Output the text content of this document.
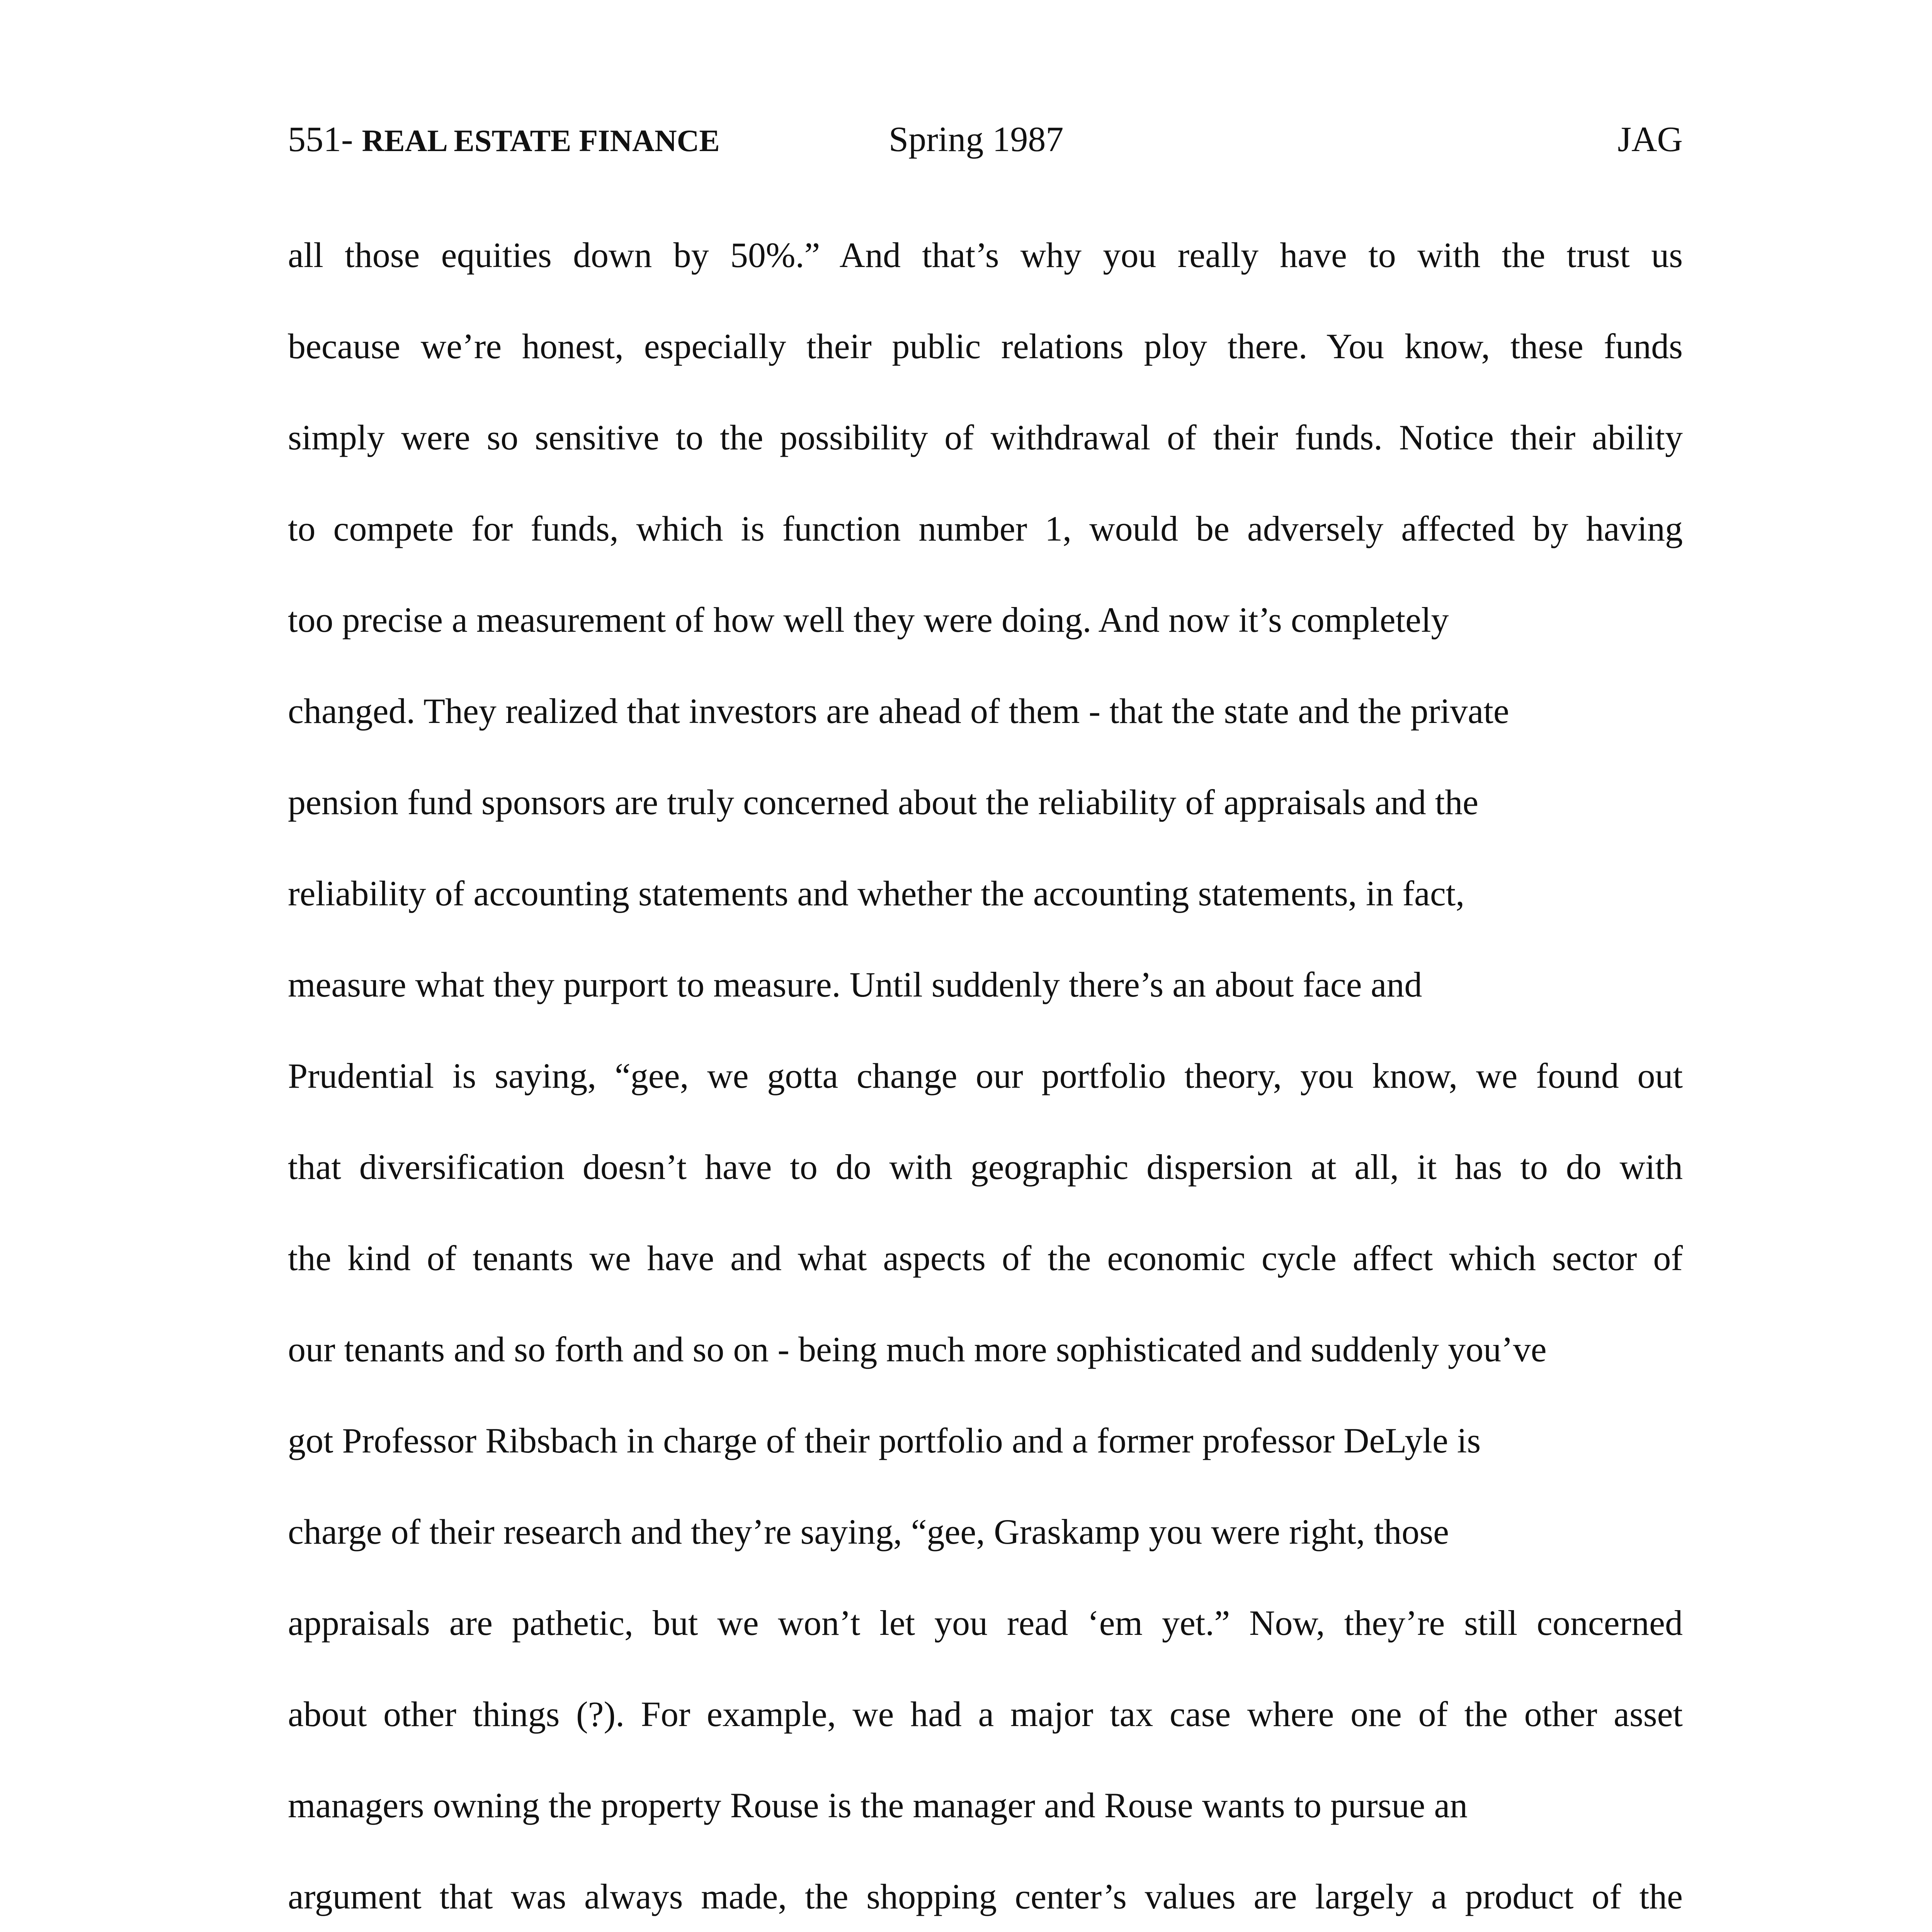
551- REAL ESTATE FINANCE	Spring 1987	JAG
all those equities down by 50%.” And that’s why you really have to with the trust us
because we’re honest, especially their public relations ploy there. You know, these funds
simply were so sensitive to the possibility of withdrawal of their funds. Notice their ability
to compete for funds, which is function number 1, would be adversely affected by having
too precise a measurement of how well they were doing. And now it’s completely
changed. They realized that investors are ahead of them - that the state and the private
pension fund sponsors are truly concerned about the reliability of appraisals and the
reliability of accounting statements and whether the accounting statements, in fact,
measure what they purport to measure. Until suddenly there’s an about face and
Prudential is saying, “gee, we gotta change our portfolio theory, you know, we found out
that diversification doesn’t have to do with geographic dispersion at all, it has to do with
the kind of tenants we have and what aspects of the economic cycle affect which sector of
our tenants and so forth and so on - being much more sophisticated and suddenly you’ve
got Professor Ribsbach in charge of their portfolio and a former professor DeLyle is
charge of their research and they’re saying, “gee, Graskamp you were right, those
appraisals are pathetic, but we won’t let you read ‘em yet.” Now, they’re still concerned
about other things (?). For example, we had a major tax case where one of the other asset
managers owning the property Rouse is the manager and Rouse wants to pursue an
argument that was always made, the shopping center’s values are largely a product of the
